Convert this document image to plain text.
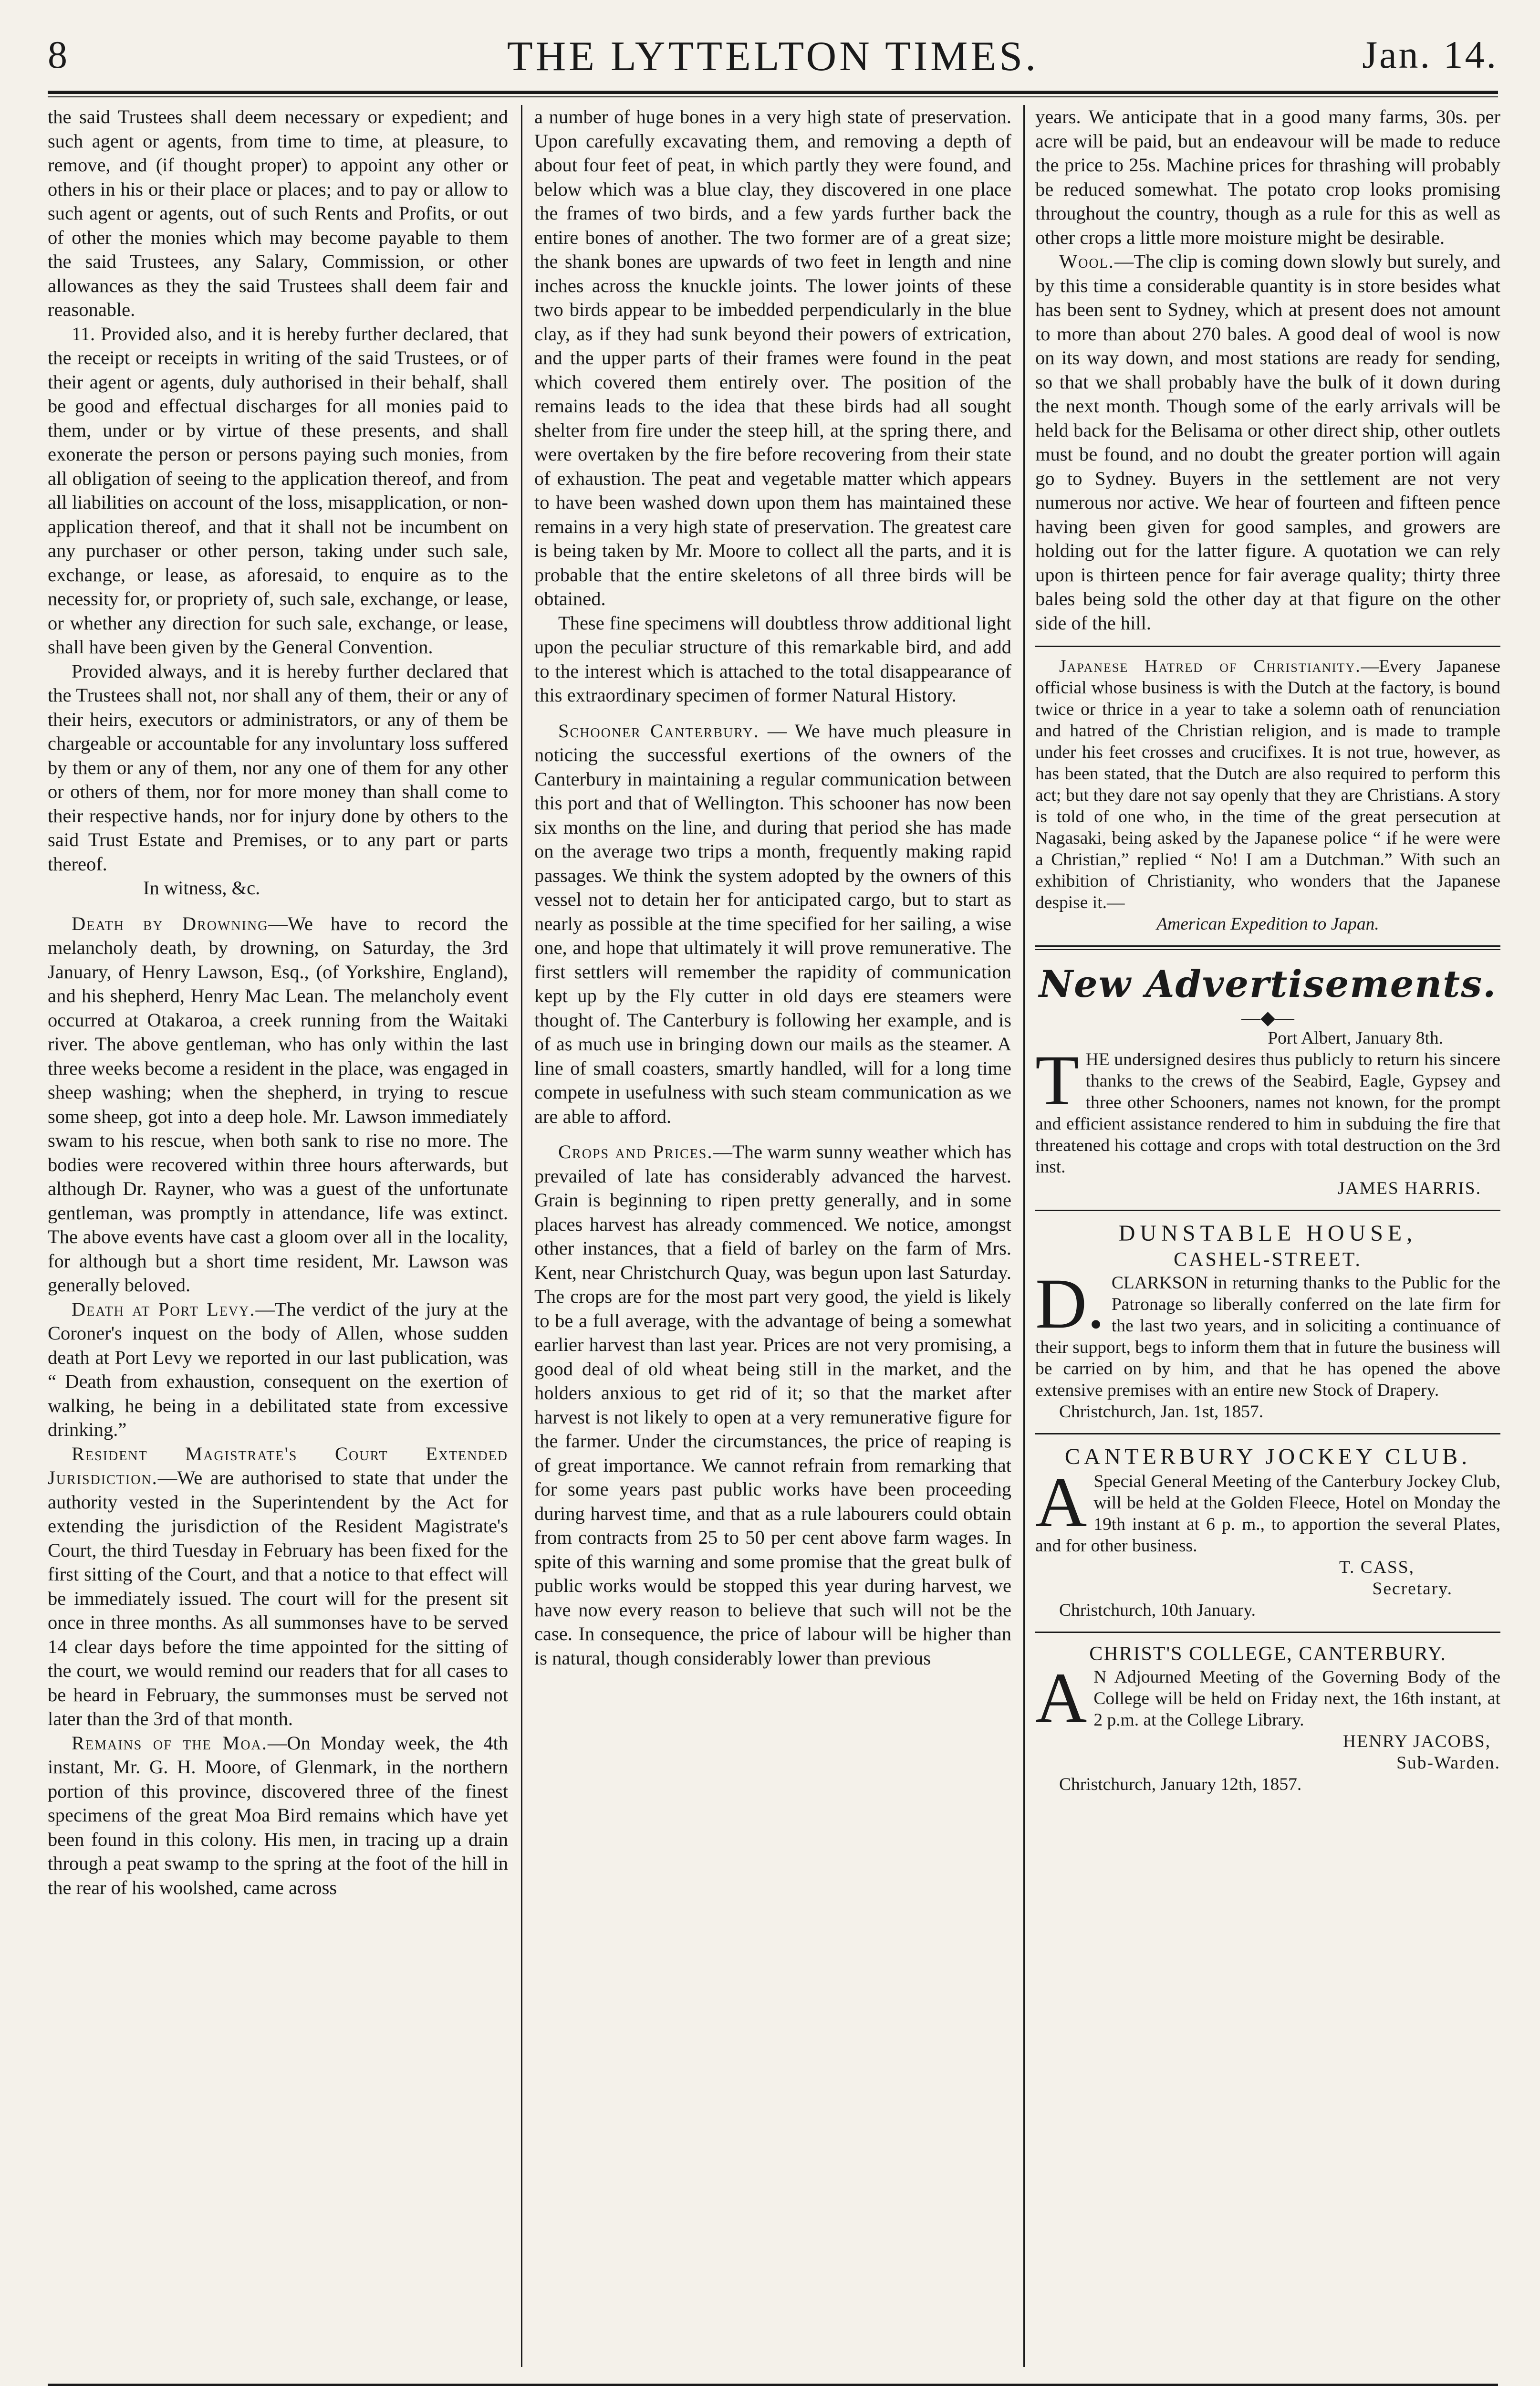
8	THE LYTTELTON TIMES.	Jan. 14.

the said Trustees shall deem necessary or expedient; and such agent or agents, from time to time, at pleasure, to remove, and (if thought proper) to appoint any other or others in his or their place or places; and to pay or allow to such agent or agents, out of such Rents and Profits, or out of other the monies which may become payable to them the said Trustees, any Salary, Commission, or other allowances as they the said Trustees shall deem fair and reasonable.

11. Provided also, and it is hereby further declared, that the receipt or receipts in writing of the said Trustees, or of their agent or agents, duly authorised in their behalf, shall be good and effectual discharges for all monies paid to them, under or by virtue of these presents, and shall exonerate the person or persons paying such monies, from all obligation of seeing to the application thereof, and from all liabilities on account of the loss, misapplication, or non-application thereof, and that it shall not be incumbent on any purchaser or other person, taking under such sale, exchange, or lease, as aforesaid, to enquire as to the necessity for, or propriety of, such sale, exchange, or lease, or whether any direction for such sale, exchange, or lease, shall have been given by the General Convention.

Provided always, and it is hereby further declared that the Trustees shall not, nor shall any of them, their or any of their heirs, executors or administrators, or any of them be chargeable or accountable for any involuntary loss suffered by them or any of them, nor any one of them for any other or others of them, nor for more money than shall come to their respective hands, nor for injury done by others to the said Trust Estate and Premises, or to any part or parts thereof.

In witness, &c.

Death by Drowning—We have to record the melancholy death, by drowning, on Saturday, the 3rd January, of Henry Lawson, Esq., (of Yorkshire, England), and his shepherd, Henry Mac Lean. The melancholy event occurred at Otakaroa, a creek running from the Waitaki river. The above gentleman, who has only within the last three weeks become a resident in the place, was engaged in sheep washing; when the shepherd, in trying to rescue some sheep, got into a deep hole. Mr. Lawson immediately swam to his rescue, when both sank to rise no more. The bodies were recovered within three hours afterwards, but although Dr. Rayner, who was a guest of the unfortunate gentleman, was promptly in attendance, life was extinct. The above events have cast a gloom over all in the locality, for although but a short time resident, Mr. Lawson was generally beloved.

Death at Port Levy.—The verdict of the jury at the Coroner's inquest on the body of Allen, whose sudden death at Port Levy we reported in our last publication, was “ Death from exhaustion, consequent on the exertion of walking, he being in a debilitated state from excessive drinking.”

Resident Magistrate's Court Extended Jurisdiction.—We are authorised to state that under the authority vested in the Superintendent by the Act for extending the jurisdiction of the Resident Magistrate's Court, the third Tuesday in February has been fixed for the first sitting of the Court, and that a notice to that effect will be immediately issued. The court will for the present sit once in three months. As all summonses have to be served 14 clear days before the time appointed for the sitting of the court, we would remind our readers that for all cases to be heard in February, the summonses must be served not later than the 3rd of that month.

Remains of the Moa.—On Monday week, the 4th instant, Mr. G. H. Moore, of Glenmark, in the northern portion of this province, discovered three of the finest specimens of the great Moa Bird remains which have yet been found in this colony. His men, in tracing up a drain through a peat swamp to the spring at the foot of the hill in the rear of his woolshed, came across

a number of huge bones in a very high state of preservation. Upon carefully excavating them, and removing a depth of about four feet of peat, in which partly they were found, and below which was a blue clay, they discovered in one place the frames of two birds, and a few yards further back the entire bones of another. The two former are of a great size; the shank bones are upwards of two feet in length and nine inches across the knuckle joints. The lower joints of these two birds appear to be imbedded perpendicularly in the blue clay, as if they had sunk beyond their powers of extrication, and the upper parts of their frames were found in the peat which covered them entirely over. The position of the remains leads to the idea that these birds had all sought shelter from fire under the steep hill, at the spring there, and were overtaken by the fire before recovering from their state of exhaustion. The peat and vegetable matter which appears to have been washed down upon them has maintained these remains in a very high state of preservation. The greatest care is being taken by Mr. Moore to collect all the parts, and it is probable that the entire skeletons of all three birds will be obtained.

These fine specimens will doubtless throw additional light upon the peculiar structure of this remarkable bird, and add to the interest which is attached to the total disappearance of this extraordinary specimen of former Natural History.

Schooner Canterbury. — We have much pleasure in noticing the successful exertions of the owners of the Canterbury in maintaining a regular communication between this port and that of Wellington. This schooner has now been six months on the line, and during that period she has made on the average two trips a month, frequently making rapid passages. We think the system adopted by the owners of this vessel not to detain her for anticipated cargo, but to start as nearly as possible at the time specified for her sailing, a wise one, and hope that ultimately it will prove remunerative. The first settlers will remember the rapidity of communication kept up by the Fly cutter in old days ere steamers were thought of. The Canterbury is following her example, and is of as much use in bringing down our mails as the steamer. A line of small coasters, smartly handled, will for a long time compete in usefulness with such steam communication as we are able to afford.

Crops and Prices.—The warm sunny weather which has prevailed of late has considerably advanced the harvest. Grain is beginning to ripen pretty generally, and in some places harvest has already commenced. We notice, amongst other instances, that a field of barley on the farm of Mrs. Kent, near Christchurch Quay, was begun upon last Saturday. The crops are for the most part very good, the yield is likely to be a full average, with the advantage of being a somewhat earlier harvest than last year. Prices are not very promising, a good deal of old wheat being still in the market, and the holders anxious to get rid of it; so that the market after harvest is not likely to open at a very remunerative figure for the farmer. Under the circumstances, the price of reaping is of great importance. We cannot refrain from remarking that for some years past public works have been proceeding during harvest time, and that as a rule labourers could obtain from contracts from 25 to 50 per cent above farm wages. In spite of this warning and some promise that the great bulk of public works would be stopped this year during harvest, we have now every reason to believe that such will not be the case. In consequence, the price of labour will be higher than is natural, though considerably lower than previous

years. We anticipate that in a good many farms, 30s. per acre will be paid, but an endeavour will be made to reduce the price to 25s. Machine prices for thrashing will probably be reduced somewhat. The potato crop looks promising throughout the country, though as a rule for this as well as other crops a little more moisture might be desirable.

Wool.—The clip is coming down slowly but surely, and by this time a considerable quantity is in store besides what has been sent to Sydney, which at present does not amount to more than about 270 bales. A good deal of wool is now on its way down, and most stations are ready for sending, so that we shall probably have the bulk of it down during the next month. Though some of the early arrivals will be held back for the Belisama or other direct ship, other outlets must be found, and no doubt the greater portion will again go to Sydney. Buyers in the settlement are not very numerous nor active. We hear of fourteen and fifteen pence having been given for good samples, and growers are holding out for the latter figure. A quotation we can rely upon is thirteen pence for fair average quality; thirty three bales being sold the other day at that figure on the other side of the hill.

Japanese Hatred of Christianity.—Every Japanese official whose business is with the Dutch at the factory, is bound twice or thrice in a year to take a solemn oath of renunciation and hatred of the Christian religion, and is made to trample under his feet crosses and crucifixes. It is not true, however, as has been stated, that the Dutch are also required to perform this act; but they dare not say openly that they are Christians. A story is told of one who, in the time of the great persecution at Nagasaki, being asked by the Japanese police “ if he were were a Christian,” replied “ No! I am a Dutchman.” With such an exhibition of Christianity, who wonders that the Japanese despise it.—

American Expedition to Japan.

New Advertisements.
—◆—

Port Albert, January 8th.

THE undersigned desires thus publicly to return his sincere thanks to the crews of the Seabird, Eagle, Gypsey and three other Schooners, names not known, for the prompt and efficient assistance rendered to him in subduing the fire that threatened his cottage and crops with total destruction on the 3rd inst.

JAMES HARRIS.

DUNSTABLE HOUSE,
CASHEL-STREET.

D. CLARKSON in returning thanks to the Public for the Patronage so liberally conferred on the late firm for the last two years, and in soliciting a continuance of their support, begs to inform them that in future the business will be carried on by him, and that he has opened the above extensive premises with an entire new Stock of Drapery.

Christchurch, Jan. 1st, 1857.

CANTERBURY JOCKEY CLUB.

A Special General Meeting of the Canterbury Jockey Club, will be held at the Golden Fleece, Hotel on Monday the 19th instant at 6 p. m., to apportion the several Plates, and for other business.

T. CASS,

Secretary.

Christchurch, 10th January.

CHRIST'S COLLEGE, CANTERBURY.

A N Adjourned Meeting of the Governing Body of the College will be held on Friday next, the 16th instant, at 2 p.m. at the College Library.

HENRY JACOBS,

Sub-Warden.

Christchurch, January 12th, 1857.
